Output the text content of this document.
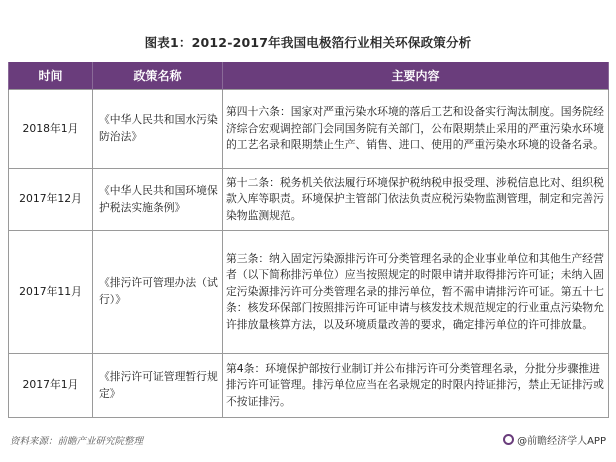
​
图表1：2012-2017年我国电极箔行业相关环保政策分析
时间	政策名称	主要内容
2018年1月	《中华人民共和国水污染防治法》	第四十六条：国家对严重污染水环境的落后工艺和设备实行淘汰制度。国务院经济综合宏观调控部门会同国务院有关部门，公布限期禁止采用的严重污染水环境的工艺名录和限期禁止生产、销售、进口、使用的严重污染水环境的设备名录。
2017年12月	《中华人民共和国环境保护税法实施条例》	第十二条：税务机关依法履行环境保护税纳税申报受理、涉税信息比对、组织税款入库等职责。环境保护主管部门依法负责应税污染物监测管理，制定和完善污染物监测规范。
2017年11月	《排污许可管理办法（试行）》	第三条：纳入固定污染源排污许可分类管理名录的企业事业单位和其他生产经营者（以下简称排污单位）应当按照规定的时限申请并取得排污许可证；未纳入固定污染源排污许可分类管理名录的排污单位，暂不需申请排污许可证。第五十七条：核发环保部门按照排污许可证申请与核发技术规范规定的行业重点污染物允许排放量核算方法，以及环境质量改善的要求，确定排污单位的许可排放量。
2017年1月	《排污许可证管理暂行规定》	第4条：环境保护部按行业制订并公布排污许可分类管理名录，分批分步骤推进排污许可证管理。排污单位应当在名录规定的时限内持证排污，禁止无证排污或不按证排污。
资料来源：前瞻产业研究院整理	@前瞻经济学人APP
